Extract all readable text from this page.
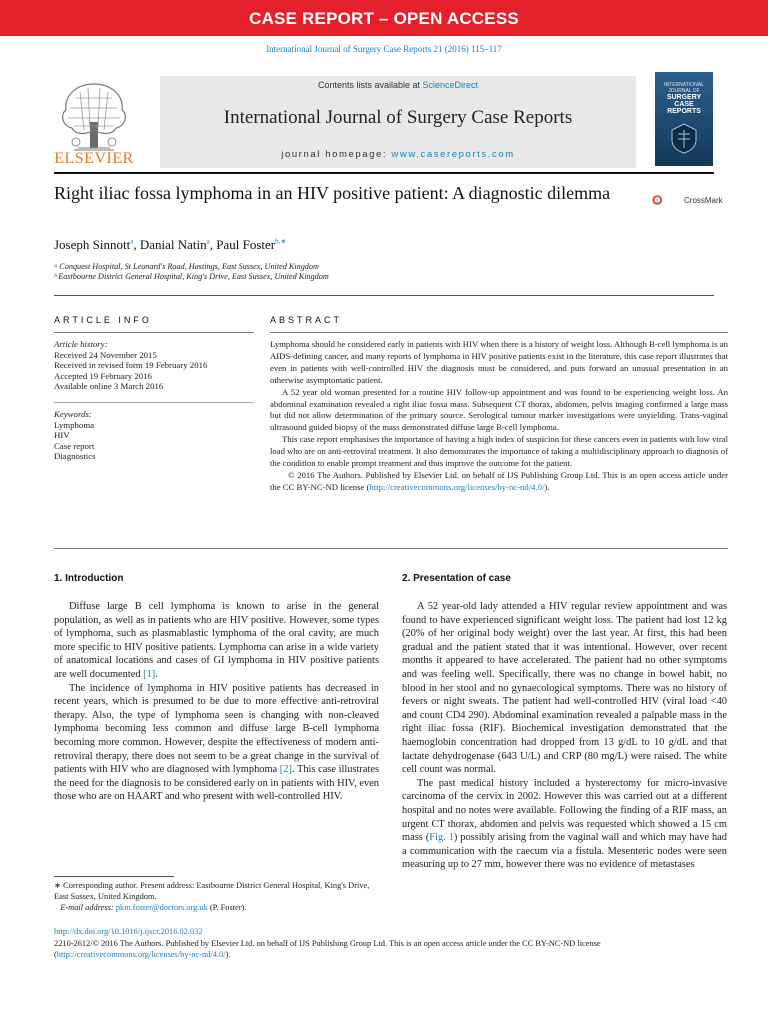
CASE REPORT – OPEN ACCESS
International Journal of Surgery Case Reports 21 (2016) 115–117
ELSEVIER
Contents lists available at ScienceDirect
International Journal of Surgery Case Reports
journal homepage: www.casereports.com
INTERNATIONAL JOURNAL OF
SURGERY CASE REPORTS
Right iliac fossa lymphoma in an HIV positive patient: A diagnostic dilemma	CrossMark
Joseph Sinnott$^a$, Danial Natin$^a$, Paul Foster$^{b,∗}$
ᵃ Conquest Hospital, St Leonard's Road, Hastings, East Sussex, United Kingdom
ᵇ Eastbourne District General Hospital, King's Drive, East Sussex, United Kingdom
ARTICLE INFO	ABSTRACT
Article history:
Received 24 November 2015
Received in revised form 19 February 2016
Accepted 19 February 2016
Available online 3 March 2016
Keywords:
Lymphoma
HIV
Case report
Diagnostics

Lymphoma should be considered early in patients with HIV when there is a history of weight loss. Although B-cell lymphoma is an AIDS-defining cancer, and many reports of lymphoma in HIV positive patients exist in the literature, this case report illustrates that even in patients with well-controlled HIV the diagnosis must be considered, and puts forward an unusual presentation in an otherwise asymptomatic patient.

A 52 year old woman presented for a routine HIV follow-up appointment and was found to be experiencing weight loss. An abdominal examination revealed a right iliac fossa mass. Subsequent CT thorax, abdomen, pelvis imaging confirmed a large mass but did not allow determination of the primary source. Serological tumour marker investigations were unyielding. Trans-vaginal ultrasound guided biopsy of the mass demonstrated diffuse large B-cell lymphoma.

This case report emphasises the importance of having a high index of suspicion for these cancers even in patients with low viral load who are on anti-retroviral treatment. It also demonstrates the importance of taking a multidisciplinary approach to diagnosis of the condition to enable prompt treatment and thus improve the outcome for the patient.

© 2016 The Authors. Published by Elsevier Ltd. on behalf of IJS Publishing Group Ltd. This is an open access article under the CC BY-NC-ND license (http://creativecommons.org/licenses/by-nc-nd/4.0/).

1. Introduction

Diffuse large B cell lymphoma is known to arise in the general population, as well as in patients who are HIV positive. However, some types of lymphoma, such as plasmablastic lymphoma of the oral cavity, are much more specific to HIV positive patients. Lymphoma can arise in a wide variety of anatomical locations and cases of GI lymphoma in HIV positive patients are well documented [1].

The incidence of lymphoma in HIV positive patients has decreased in recent years, which is presumed to be due to more effective anti-retroviral therapy. Also, the type of lymphoma seen is changing with non-cleaved lymphoma becoming less common and diffuse large B-cell lymphoma becoming more common. However, despite the effectiveness of modern anti-retroviral therapy, there does not seem to be a great change in the survival of patients with HIV who are diagnosed with lymphoma [2]. This case illustrates the need for the diagnosis to be considered early on in patients with HIV, even those who are on HAART and who present with well-controlled HIV.

2. Presentation of case

A 52 year-old lady attended a HIV regular review appointment and was found to have experienced significant weight loss. The patient had lost 12 kg (20% of her original body weight) over the last year. At first, this had been gradual and the patient stated that it was intentional. However, over recent months it appeared to have accelerated. The patient had no other symptoms and was feeling well. Specifically, there was no change in bowel habit, no blood in her stool and no gynaecological symptoms. There was no history of fevers or night sweats. The patient had well-controlled HIV (viral load <40 and count CD4 290). Abdominal examination revealed a palpable mass in the right iliac fossa (RIF). Biochemical investigation demonstrated that the haemoglobin concentration had dropped from 13 g/dL to 10 g/dL and that lactate dehydrogenase (643 U/L) and CRP (80 mg/L) were raised. The white cell count was normal.

The past medical history included a hysterectomy for micro-invasive carcinoma of the cervix in 2002. However this was carried out at a different hospital and no notes were available. Following the finding of a RIF mass, an urgent CT thorax, abdomen and pelvis was requested which showed a 15 cm mass (Fig. 1) possibly arising from the vaginal wall and which may have had a communication with the caecum via a fistula. Mesenteric nodes were seen measuring up to 27 mm, however there was no evidence of metastases

∗ Corresponding author. Present address: Eastbourne District General Hospital, King's Drive, East Sussex, United Kingdom.
E-mail address: pkm.foster@doctors.org.uk (P. Foster).
http://dx.doi.org/10.1016/j.ijscr.2016.02.032
2210-2612/© 2016 The Authors. Published by Elsevier Ltd. on behalf of IJS Publishing Group Ltd. This is an open access article under the CC BY-NC-ND license (http://creativecommons.org/licenses/by-nc-nd/4.0/).
